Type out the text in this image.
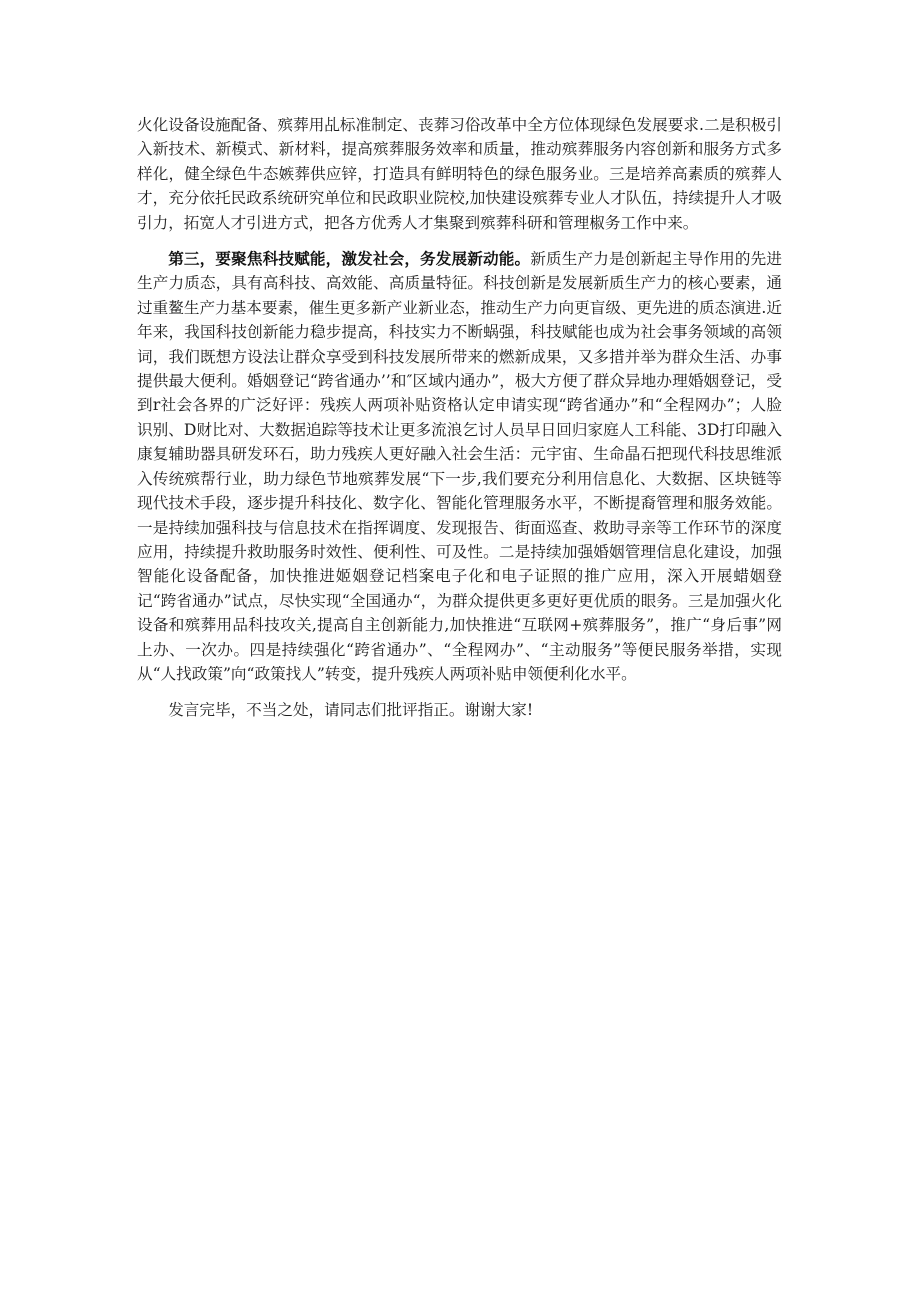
火化设备设施配备、殡葬用乩标准制定、丧葬习俗改革中全方位体现绿色发展要求.二是积极引入新技术、新模式、新材料，提高殡葬服务效率和质量，推动殡葬服务内容创新和服务方式多样化，健全绿色牛态嫉葬供应锌，打造具有鲜明特色的绿色服务业。三是培养高素质的殡葬人才，充分依托民政系统研究单位和民政职业院校,加快建设殡葬专业人才队伍，持续提升人才吸引力，拓宽人才引进方式，把各方优秀人才集聚到殡葬科研和管理椒务工作中来。

第三，要聚焦科技赋能，激发社会，务发展新动能。新质生产力是创新起主导作用的先进生产力质态，具有高科技、高效能、高质量特征。科技创新是发展新质生产力的核心要素，通过重鳌生产力基本要素，催生更多新产业新业态，推动生产力向更盲级、更先进的质态演进.近年来，我国科技创新能力稳步提高，科技实力不断蜗强，科技赋能也成为社会事务领域的高领词，我们既想方设法让群众享受到科技发展所带来的燃新成果，又多措并举为群众生活、办事提供最大便利。婚姻登记“跨省通办’’和″区域内通办”，极大方便了群众异地办理婚姻登记，受到r社会各界的广泛好评：残疾人两项补贴资格认定申请实现“跨省通办”和“全程网办”；人脸识别、D财比对、大数据追踪等技术让更多流浪乞讨人员早日回归家庭人工科能、3D打印融入康复辅助器具研发环石，助力残疾人更好融入社会生活：元宇宙、生命晶石把现代科技思维派入传统殡帮行业，助力绿色节地殡葬发展“下一步,我们要充分利用信息化、大数据、区块链等现代技术手段，逐步提升科技化、数字化、智能化管理服务水平，不断提裔管理和服务效能。一是持续加强科技与信息技术在指挥调度、发现报告、街面巡查、救助寻亲等工作环节的深度应用，持续提升救助服务时效性、便利性、可及性。二是持续加强婚姻管理信息化建设，加强智能化设备配备，加快推进姬姻登记档案电子化和电子证照的推广应用，深入开展蜡姻登记“跨省通办”试点，尽快实现“全国通办“，为群众提供更多更好更优质的眼务。三是加强火化设备和殡葬用品科技攻关,提高自主创新能力,加快推进“互联网+殡葬服务”，推广“身后事”网上办、一次办。四是持续强化“跨省通办”、“全程网办”、“主动服务”等便民服务举措，实现从“人找政策”向“政策找人”转变，提升残疾人两项补贴申领便利化水平。

发言完毕，不当之处，请同志们批评指正。谢谢大家!
